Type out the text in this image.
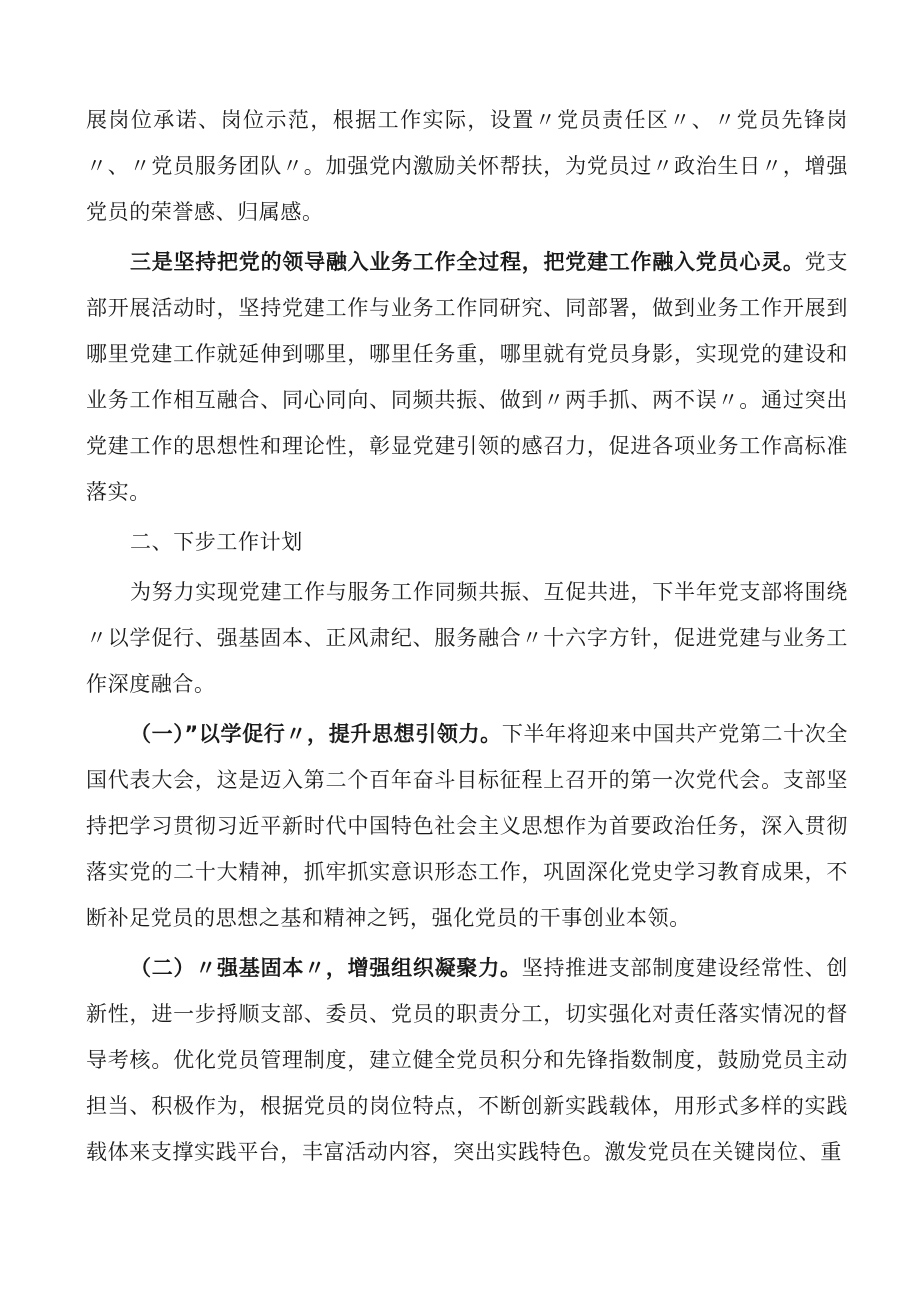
展岗位承诺、岗位示范，根据工作实际，设置〃党员责任区〃、〃党员先锋岗〃、〃党员服务团队〃。加强党内激励关怀帮扶，为党员过〃政治生日〃，增强党员的荣誉感、归属感。

三是坚持把党的领导融入业务工作全过程，把党建工作融入党员心灵。党支部开展活动时，坚持党建工作与业务工作同研究、同部署，做到业务工作开展到哪里党建工作就延伸到哪里，哪里任务重，哪里就有党员身影，实现党的建设和业务工作相互融合、同心同向、同频共振、做到〃两手抓、两不误〃。通过突出党建工作的思想性和理论性，彰显党建引领的感召力，促进各项业务工作高标准落实。

二、下步工作计划

为努力实现党建工作与服务工作同频共振、互促共进，下半年党支部将围绕〃以学促行、强基固本、正风肃纪、服务融合〃十六字方针，促进党建与业务工作深度融合。

（一）”以学促行〃，提升思想引领力。下半年将迎来中国共产党第二十次全国代表大会，这是迈入第二个百年奋斗目标征程上召开的第一次党代会。支部坚持把学习贯彻习近平新时代中国特色社会主义思想作为首要政治任务，深入贯彻落实党的二十大精神，抓牢抓实意识形态工作，巩固深化党史学习教育成果，不断补足党员的思想之基和精神之钙，强化党员的干事创业本领。

（二）〃强基固本〃，增强组织凝聚力。坚持推进支部制度建设经常性、创新性，进一步捋顺支部、委员、党员的职责分工，切实强化对责任落实情况的督导考核。优化党员管理制度，建立健全党员积分和先锋指数制度，鼓励党员主动担当、积极作为，根据党员的岗位特点，不断创新实践载体，用形式多样的实践载体来支撑实践平台，丰富活动内容，突出实践特色。激发党员在关键岗位、重
